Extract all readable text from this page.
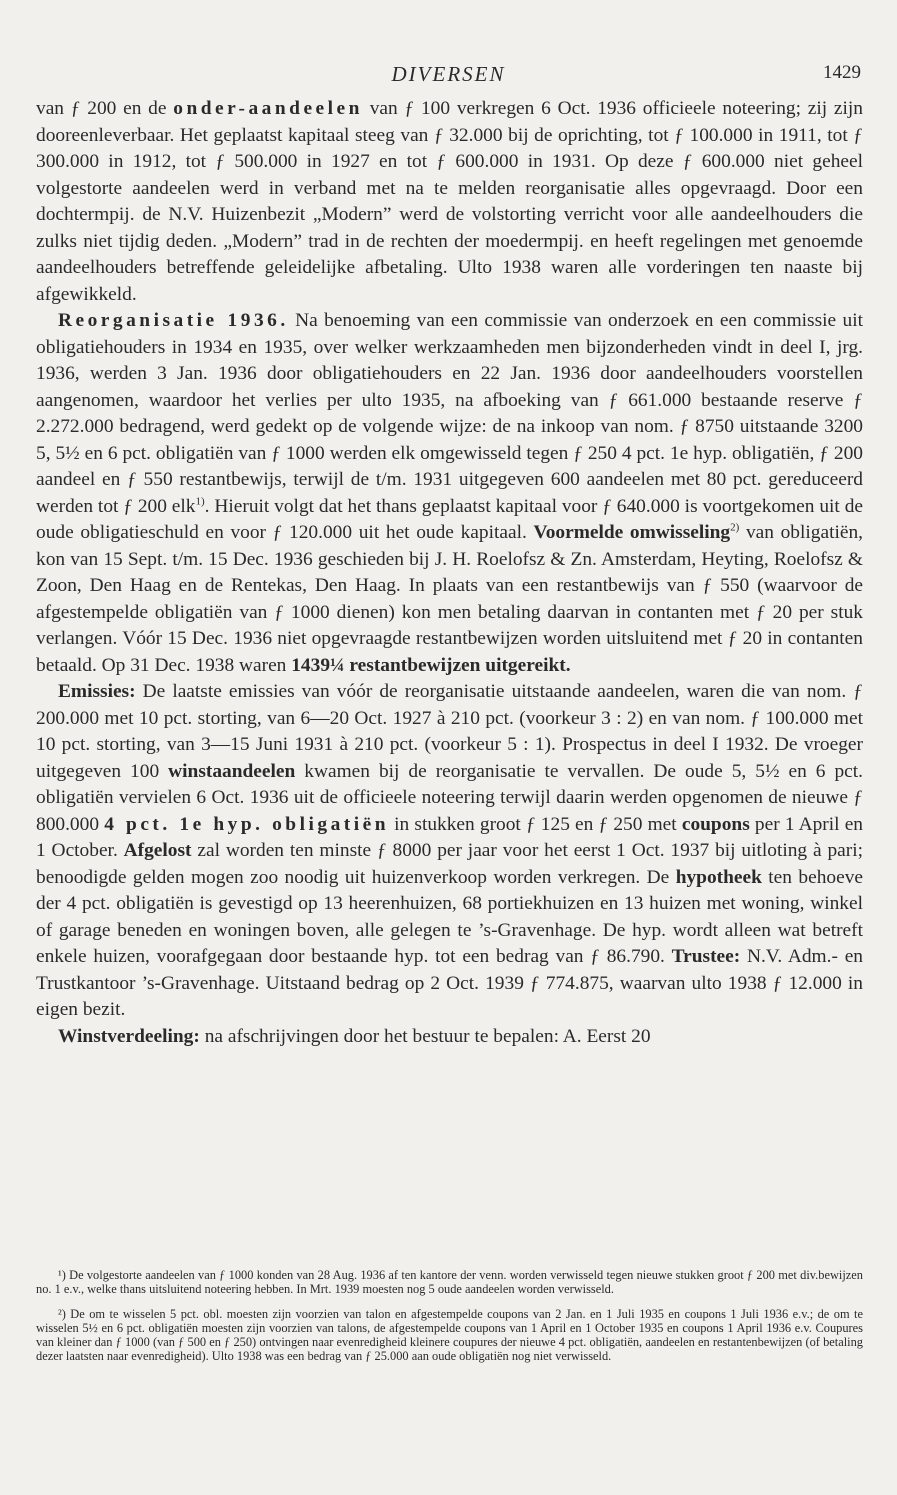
DIVERSEN	1429

van ƒ 200 en de onder-aandeelen van ƒ 100 verkregen 6 Oct. 1936 officieele noteering; zij zijn dooreenleverbaar. Het geplaatst kapitaal steeg van ƒ 32.000 bij de oprichting, tot ƒ 100.000 in 1911, tot ƒ 300.000 in 1912, tot ƒ 500.000 in 1927 en tot ƒ 600.000 in 1931. Op deze ƒ 600.000 niet geheel volgestorte aandeelen werd in verband met na te melden reorganisatie alles opgevraagd. Door een dochtermpij. de N.V. Huizenbezit „Modern” werd de volstorting verricht voor alle aandeelhouders die zulks niet tijdig deden. „Modern” trad in de rechten der moedermpij. en heeft regelingen met genoemde aandeelhouders betreffende geleidelijke afbetaling. Ulto 1938 waren alle vorderingen ten naaste bij afgewikkeld.

Reorganisatie 1936. Na benoeming van een commissie van onderzoek en een commissie uit obligatiehouders in 1934 en 1935, over welker werkzaamheden men bijzonderheden vindt in deel I, jrg. 1936, werden 3 Jan. 1936 door obligatiehouders en 22 Jan. 1936 door aandeelhouders voorstellen aangenomen, waardoor het verlies per ulto 1935, na afboeking van ƒ 661.000 bestaande reserve ƒ 2.272.000 bedragend, werd gedekt op de volgende wijze: de na inkoop van nom. ƒ 8750 uitstaande 3200 5, 5½ en 6 pct. obligatiën van ƒ 1000 werden elk omgewisseld tegen ƒ 250 4 pct. 1e hyp. obligatiën, ƒ 200 aandeel en ƒ 550 restantbewijs, terwijl de t/m. 1931 uitgegeven 600 aandeelen met 80 pct. gereduceerd werden tot ƒ 200 elk$^{1)}$. Hieruit volgt dat het thans geplaatst kapitaal voor ƒ 640.000 is voortgekomen uit de oude obligatieschuld en voor ƒ 120.000 uit het oude kapitaal. Voormelde omwisseling$^{2)}$ van obligatiën, kon van 15 Sept. t/m. 15 Dec. 1936 geschieden bij J. H. Roelofsz & Zn. Amsterdam, Heyting, Roelofsz & Zoon, Den Haag en de Rentekas, Den Haag. In plaats van een restantbewijs van ƒ 550 (waarvoor de afgestempelde obligatiën van ƒ 1000 dienen) kon men betaling daarvan in contanten met ƒ 20 per stuk verlangen. Vóór 15 Dec. 1936 niet opgevraagde restantbewijzen worden uitsluitend met ƒ 20 in contanten betaald. Op 31 Dec. 1938 waren 1439¼ restantbewijzen uitgereikt.

Emissies: De laatste emissies van vóór de reorganisatie uitstaande aandeelen, waren die van nom. ƒ 200.000 met 10 pct. storting, van 6—20 Oct. 1927 à 210 pct. (voorkeur 3 : 2) en van nom. ƒ 100.000 met 10 pct. storting, van 3—15 Juni 1931 à 210 pct. (voorkeur 5 : 1). Prospectus in deel I 1932. De vroeger uitgegeven 100 winstaandeelen kwamen bij de reorganisatie te vervallen. De oude 5, 5½ en 6 pct. obligatiën vervielen 6 Oct. 1936 uit de officieele noteering terwijl daarin werden opgenomen de nieuwe ƒ 800.000 4 pct. 1e hyp. obligatiën in stukken groot ƒ 125 en ƒ 250 met coupons per 1 April en 1 October. Afgelost zal worden ten minste ƒ 8000 per jaar voor het eerst 1 Oct. 1937 bij uitloting à pari; benoodigde gelden mogen zoo noodig uit huizenverkoop worden verkregen. De hypotheek ten behoeve der 4 pct. obligatiën is gevestigd op 13 heerenhuizen, 68 portiekhuizen en 13 huizen met woning, winkel of garage beneden en woningen boven, alle gelegen te ’s-Gravenhage. De hyp. wordt alleen wat betreft enkele huizen, voorafgegaan door bestaande hyp. tot een bedrag van ƒ 86.790. Trustee: N.V. Adm.- en Trustkantoor ’s-Gravenhage. Uitstaand bedrag op 2 Oct. 1939 ƒ 774.875, waarvan ulto 1938 ƒ 12.000 in eigen bezit.

Winstverdeeling: na afschrijvingen door het bestuur te bepalen: A. Eerst 20

¹) De volgestorte aandeelen van ƒ 1000 konden van 28 Aug. 1936 af ten kantore der venn. worden verwisseld tegen nieuwe stukken groot ƒ 200 met div.bewijzen no. 1 e.v., welke thans uitsluitend noteering hebben. In Mrt. 1939 moesten nog 5 oude aandeelen worden verwisseld.

²) De om te wisselen 5 pct. obl. moesten zijn voorzien van talon en afgestempelde coupons van 2 Jan. en 1 Juli 1935 en coupons 1 Juli 1936 e.v.; de om te wisselen 5½ en 6 pct. obligatiën moesten zijn voorzien van talons, de afgestempelde coupons van 1 April en 1 October 1935 en coupons 1 April 1936 e.v. Coupures van kleiner dan ƒ 1000 (van ƒ 500 en ƒ 250) ontvingen naar evenredigheid kleinere coupures der nieuwe 4 pct. obligatiën, aandeelen en restantenbewijzen (of betaling dezer laatsten naar evenredigheid). Ulto 1938 was een bedrag van ƒ 25.000 aan oude obligatiën nog niet verwisseld.
